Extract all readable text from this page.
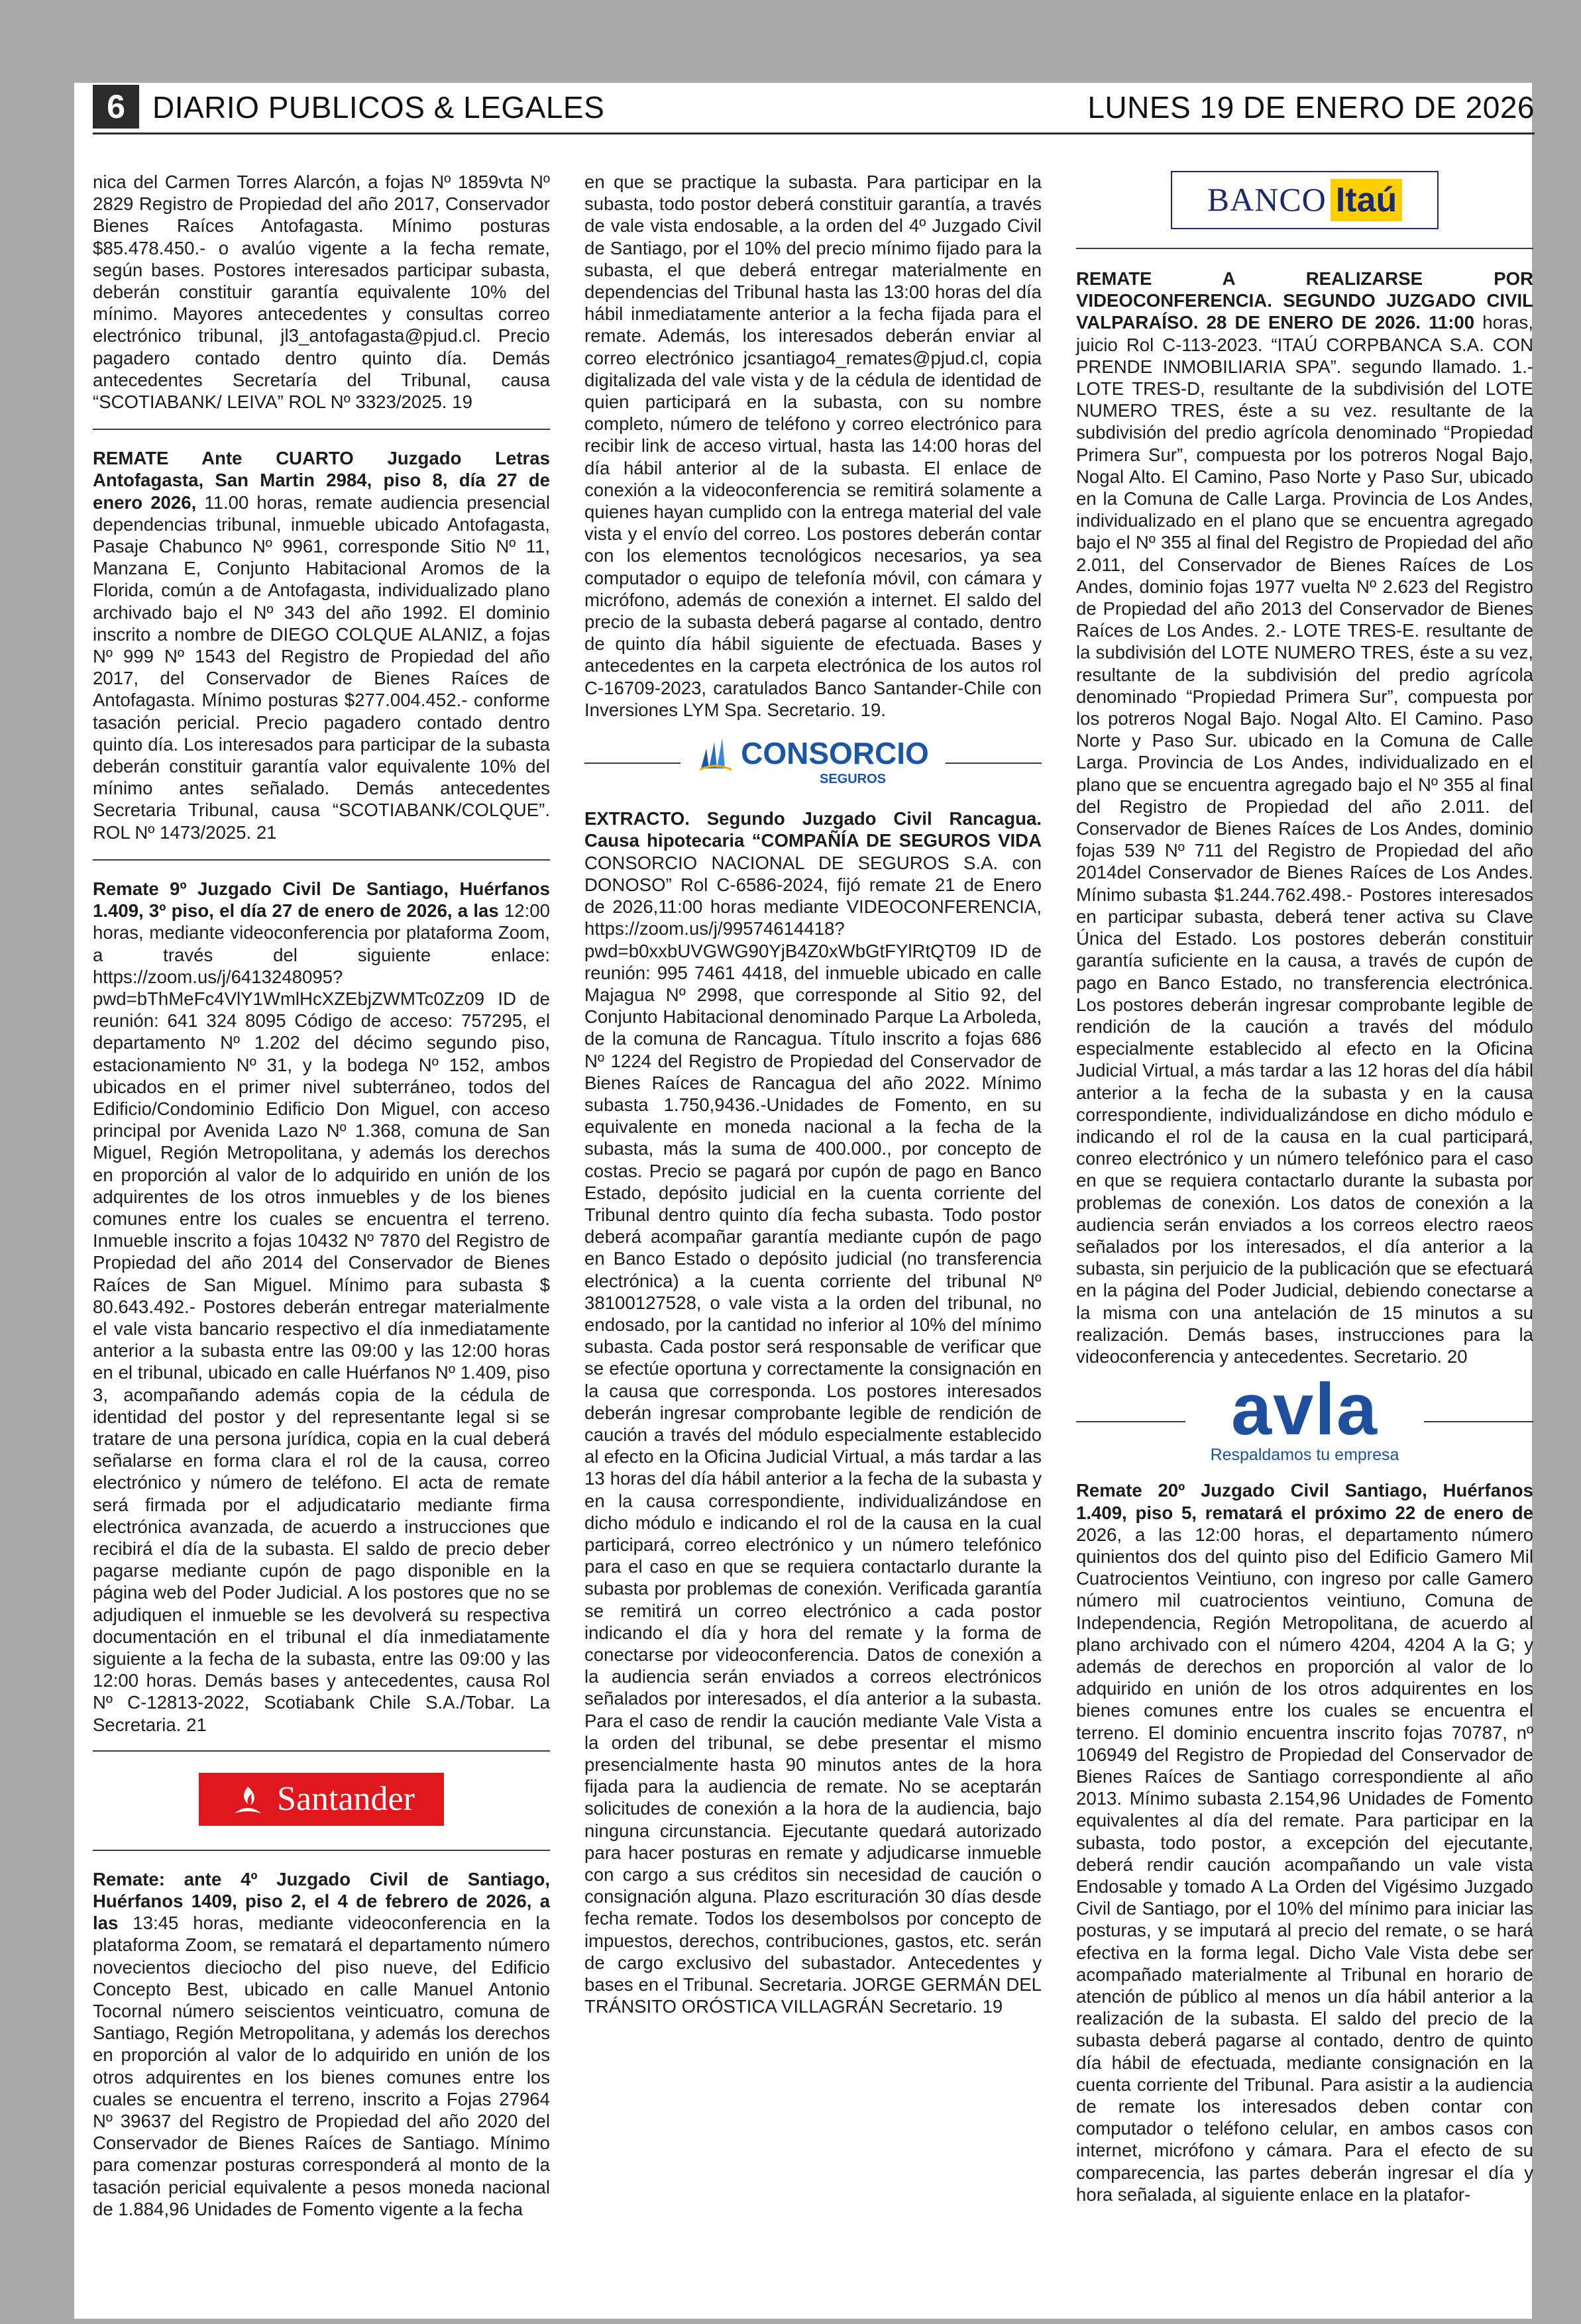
6 DIARIO PUBLICOS & LEGALES	LUNES 19 DE ENERO DE 2026

nica del Carmen Torres Alarcón, a fojas Nº 1859vta Nº 2829 Registro de Propiedad del año 2017, Conservador Bienes Raíces Antofagasta. Mínimo posturas $85.478.450.- o avalúo vigente a la fecha remate, según bases. Postores interesados participar subasta, deberán constituir garantía equivalente 10% del mínimo. Mayores antecedentes y consultas correo electrónico tribunal, jl3_antofagasta@pjud.cl. Precio pagadero contado dentro quinto día. Demás antecedentes Secretaría del Tribunal, causa “SCOTIABANK/ LEIVA” ROL Nº 3323/2025. 19

REMATE Ante CUARTO Juzgado Letras Antofagasta, San Martin 2984, piso 8, día 27 de enero 2026, 11.00 horas, remate audiencia presencial dependencias tribunal, inmueble ubicado Antofagasta, Pasaje Chabunco Nº 9961, corresponde Sitio Nº 11, Manzana E, Conjunto Habitacional Aromos de la Florida, común a de Antofagasta, individualizado plano archivado bajo el Nº 343 del año 1992. El dominio inscrito a nombre de DIEGO COLQUE ALANIZ, a fojas Nº 999 Nº 1543 del Registro de Propiedad del año 2017, del Conservador de Bienes Raíces de Antofagasta. Mínimo posturas $277.004.452.- conforme tasación pericial. Precio pagadero contado dentro quinto día. Los interesados para participar de la subasta deberán constituir garantía valor equivalente 10% del mínimo antes señalado. Demás antecedentes Secretaria Tribunal, causa “SCOTIABANK/COLQUE”. ROL Nº 1473/2025. 21

Remate 9º Juzgado Civil De Santiago, Huérfanos 1.409, 3º piso, el día 27 de enero de 2026, a las 12:00 horas, mediante videoconferencia por plataforma Zoom, a través del siguiente enlace: https://zoom.us/j/6413248095?pwd=bThMeFc4VlY1WmlHcXZEbjZWMTc0Zz09 ID de reunión: 641 324 8095 Código de acceso: 757295, el departamento Nº 1.202 del décimo segundo piso, estacionamiento Nº 31, y la bodega Nº 152, ambos ubicados en el primer nivel subterráneo, todos del Edificio/Condominio Edificio Don Miguel, con acceso principal por Avenida Lazo Nº 1.368, comuna de San Miguel, Región Metropolitana, y además los derechos en proporción al valor de lo adquirido en unión de los adquirentes de los otros inmuebles y de los bienes comunes entre los cuales se encuentra el terreno. Inmueble inscrito a fojas 10432 Nº 7870 del Registro de Propiedad del año 2014 del Conservador de Bienes Raíces de San Miguel. Mínimo para subasta $ 80.643.492.- Postores deberán entregar materialmente el vale vista bancario respectivo el día inmediatamente anterior a la subasta entre las 09:00 y las 12:00 horas en el tribunal, ubicado en calle Huérfanos Nº 1.409, piso 3, acompañando además copia de la cédula de identidad del postor y del representante legal si se tratare de una persona jurídica, copia en la cual deberá señalarse en forma clara el rol de la causa, correo electrónico y número de teléfono. El acta de remate será firmada por el adjudicatario mediante firma electrónica avanzada, de acuerdo a instrucciones que recibirá el día de la subasta. El saldo de precio deber pagarse mediante cupón de pago disponible en la página web del Poder Judicial. A los postores que no se adjudiquen el inmueble se les devolverá su respectiva documentación en el tribunal el día inmediatamente siguiente a la fecha de la subasta, entre las 09:00 y las 12:00 horas. Demás bases y antecedentes, causa Rol Nº C-12813-2022, Scotiabank Chile S.A./Tobar. La Secretaria. 21

Santander

Remate: ante 4º Juzgado Civil de Santiago, Huérfanos 1409, piso 2, el 4 de febrero de 2026, a las 13:45 horas, mediante videoconferencia en la plataforma Zoom, se rematará el departamento número novecientos dieciocho del piso nueve, del Edificio Concepto Best, ubicado en calle Manuel Antonio Tocornal número seiscientos veinticuatro, comuna de Santiago, Región Metropolitana, y además los derechos en proporción al valor de lo adquirido en unión de los otros adquirentes en los bienes comunes entre los cuales se encuentra el terreno, inscrito a Fojas 27964 Nº 39637 del Registro de Propiedad del año 2020 del Conservador de Bienes Raíces de Santiago. Mínimo para comenzar posturas corresponderá al monto de la tasación pericial equivalente a pesos moneda nacional de 1.884,96 Unidades de Fomento vigente a la fecha

en que se practique la subasta. Para participar en la subasta, todo postor deberá constituir garantía, a través de vale vista endosable, a la orden del 4º Juzgado Civil de Santiago, por el 10% del precio mínimo fijado para la subasta, el que deberá entregar materialmente en dependencias del Tribunal hasta las 13:00 horas del día hábil inmediatamente anterior a la fecha fijada para el remate. Además, los interesados deberán enviar al correo electrónico jcsantiago4_remates@pjud.cl, copia digitalizada del vale vista y de la cédula de identidad de quien participará en la subasta, con su nombre completo, número de teléfono y correo electrónico para recibir link de acceso virtual, hasta las 14:00 horas del día hábil anterior al de la subasta. El enlace de conexión a la videoconferencia se remitirá solamente a quienes hayan cumplido con la entrega material del vale vista y el envío del correo. Los postores deberán contar con los elementos tecnológicos necesarios, ya sea computador o equipo de telefonía móvil, con cámara y micrófono, además de conexión a internet. El saldo del precio de la subasta deberá pagarse al contado, dentro de quinto día hábil siguiente de efectuada. Bases y antecedentes en la carpeta electrónica de los autos rol C-16709-2023, caratulados Banco Santander-Chile con Inversiones LYM Spa. Secretario. 19.

CONSORCIO
SEGUROS

EXTRACTO. Segundo Juzgado Civil Rancagua. Causa hipotecaria “COMPAÑÍA DE SEGUROS VIDA CONSORCIO NACIONAL DE SEGUROS S.A. con DONOSO” Rol C-6586-2024, fijó remate 21 de Enero de 2026,11:00 horas mediante VIDEOCONFERENCIA, https://zoom.us/j/99574614418?pwd=b0xxbUVGWG90YjB4Z0xWbGtFYlRtQT09 ID de reunión: 995 7461 4418, del inmueble ubicado en calle Majagua Nº 2998, que corresponde al Sitio 92, del Conjunto Habitacional denominado Parque La Arboleda, de la comuna de Rancagua. Título inscrito a fojas 686 Nº 1224 del Registro de Propiedad del Conservador de Bienes Raíces de Rancagua del año 2022. Mínimo subasta 1.750,9436.-Unidades de Fomento, en su equivalente en moneda nacional a la fecha de la subasta, más la suma de 400.000., por concepto de costas. Precio se pagará por cupón de pago en Banco Estado, depósito judicial en la cuenta corriente del Tribunal dentro quinto día fecha subasta. Todo postor deberá acompañar garantía mediante cupón de pago en Banco Estado o depósito judicial (no transferencia electrónica) a la cuenta corriente del tribunal Nº 38100127528, o vale vista a la orden del tribunal, no endosado, por la cantidad no inferior al 10% del mínimo subasta. Cada postor será responsable de verificar que se efectúe oportuna y correctamente la consignación en la causa que corresponda. Los postores interesados deberán ingresar comprobante legible de rendición de caución a través del módulo especialmente establecido al efecto en la Oficina Judicial Virtual, a más tardar a las 13 horas del día hábil anterior a la fecha de la subasta y en la causa correspondiente, individualizándose en dicho módulo e indicando el rol de la causa en la cual participará, correo electrónico y un número telefónico para el caso en que se requiera contactarlo durante la subasta por problemas de conexión. Verificada garantía se remitirá un correo electrónico a cada postor indicando el día y hora del remate y la forma de conectarse por videoconferencia. Datos de conexión a la audiencia serán enviados a correos electrónicos señalados por interesados, el día anterior a la subasta. Para el caso de rendir la caución mediante Vale Vista a la orden del tribunal, se debe presentar el mismo presencialmente hasta 90 minutos antes de la hora fijada para la audiencia de remate. No se aceptarán solicitudes de conexión a la hora de la audiencia, bajo ninguna circunstancia. Ejecutante quedará autorizado para hacer posturas en remate y adjudicarse inmueble con cargo a sus créditos sin necesidad de caución o consignación alguna. Plazo escrituración 30 días desde fecha remate. Todos los desembolsos por concepto de impuestos, derechos, contribuciones, gastos, etc. serán de cargo exclusivo del subastador. Antecedentes y bases en el Tribunal. Secretaria. JORGE GERMÁN DEL TRÁNSITO ORÓSTICA VILLAGRÁN Secretario. 19

BANCO Itaú

REMATE A REALIZARSE POR VIDEOCONFERENCIA. SEGUNDO JUZGADO CIVIL VALPARAÍSO. 28 DE ENERO DE 2026. 11:00 horas, juicio Rol C-113-2023. “ITAÚ CORPBANCA S.A. CON PRENDE INMOBILIARIA SPA”. segundo llamado. 1.- LOTE TRES-D, resultante de la subdivisión del LOTE NUMERO TRES, éste a su vez. resultante de la subdivisión del predio agrícola denominado “Propiedad Primera Sur”, compuesta por los potreros Nogal Bajo, Nogal Alto. El Camino, Paso Norte y Paso Sur, ubicado en la Comuna de Calle Larga. Provincia de Los Andes, individualizado en el plano que se encuentra agregado bajo el Nº 355 al final del Registro de Propiedad del año 2.011, del Conservador de Bienes Raíces de Los Andes, dominio fojas 1977 vuelta Nº 2.623 del Registro de Propiedad del año 2013 del Conservador de Bienes Raíces de Los Andes. 2.- LOTE TRES-E. resultante de la subdivisión del LOTE NUMERO TRES, éste a su vez, resultante de la subdivisión del predio agrícola denominado “Propiedad Primera Sur”, compuesta por los potreros Nogal Bajo. Nogal Alto. El Camino. Paso Norte y Paso Sur. ubicado en la Comuna de Calle Larga. Provincia de Los Andes, individualizado en el plano que se encuentra agregado bajo el Nº 355 al final del Registro de Propiedad del año 2.011. del Conservador de Bienes Raíces de Los Andes, dominio fojas 539 Nº 711 del Registro de Propiedad del año 2014del Conservador de Bienes Raíces de Los Andes. Mínimo subasta $1.244.762.498.- Postores interesados en participar subasta, deberá tener activa su Clave Única del Estado. Los postores deberán constituir garantía suficiente en la causa, a través de cupón de pago en Banco Estado, no transferencia electrónica. Los postores deberán ingresar comprobante legible de rendición de la caución a través del módulo especialmente establecido al efecto en la Oficina Judicial Virtual, a más tardar a las 12 horas del día hábil anterior a la fecha de la subasta y en la causa correspondiente, individualizándose en dicho módulo e indicando el rol de la causa en la cual participará, conreo electrónico y un número telefónico para el caso en que se requiera contactarlo durante la subasta por problemas de conexión. Los datos de conexión a la audiencia serán enviados a los correos electro raeos señalados por los interesados, el día anterior a la subasta, sin perjuicio de la publicación que se efectuará en la página del Poder Judicial, debiendo conectarse a la misma con una antelación de 15 minutos a su realización. Demás bases, instrucciones para la videoconferencia y antecedentes. Secretario. 20

avla
Respaldamos tu empresa

Remate 20º Juzgado Civil Santiago, Huérfanos 1.409, piso 5, rematará el próximo 22 de enero de 2026, a las 12:00 horas, el departamento número quinientos dos del quinto piso del Edificio Gamero Mil Cuatrocientos Veintiuno, con ingreso por calle Gamero número mil cuatrocientos veintiuno, Comuna de Independencia, Región Metropolitana, de acuerdo al plano archivado con el número 4204, 4204 A la G; y además de derechos en proporción al valor de lo adquirido en unión de los otros adquirentes en los bienes comunes entre los cuales se encuentra el terreno. El dominio encuentra inscrito fojas 70787, nº 106949 del Registro de Propiedad del Conservador de Bienes Raíces de Santiago correspondiente al año 2013. Mínimo subasta 2.154,96 Unidades de Fomento equivalentes al día del remate. Para participar en la subasta, todo postor, a excepción del ejecutante, deberá rendir caución acompañando un vale vista Endosable y tomado A La Orden del Vigésimo Juzgado Civil de Santiago, por el 10% del mínimo para iniciar las posturas, y se imputará al precio del remate, o se hará efectiva en la forma legal. Dicho Vale Vista debe ser acompañado materialmente al Tribunal en horario de atención de público al menos un día hábil anterior a la realización de la subasta. El saldo del precio de la subasta deberá pagarse al contado, dentro de quinto día hábil de efectuada, mediante consignación en la cuenta corriente del Tribunal. Para asistir a la audiencia de remate los interesados deben contar con computador o teléfono celular, en ambos casos con internet, micrófono y cámara. Para el efecto de su comparecencia, las partes deberán ingresar el día y hora señalada, al siguiente enlace en la platafor-
